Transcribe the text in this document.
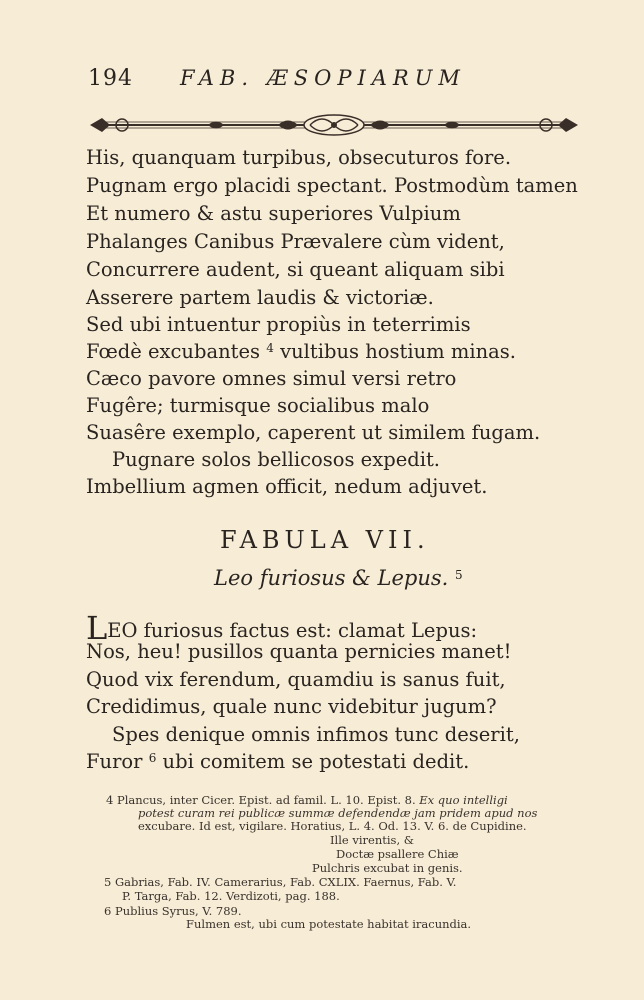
194 FAB. ÆSOPIARUM
His, quanquam turpibus, obsecuturos fore.
Pugnam ergo placidi spectant. Postmodùm tamen
Et numero & astu superiores Vulpium
Phalanges Canibus Prævalere cùm vident,
Concurrere audent, si queant aliquam sibi
Asserere partem laudis & victoriæ.
Sed ubi intuentur propiùs in teterrimis
Fœdè excubantes $^4$ vultibus hostium minas.
Cæco pavore omnes simul versi retro
Fugêre; turmisque socialibus malo
Suasêre exemplo, caperent ut similem fugam.
Pugnare solos bellicosos expedit.
Imbellium agmen officit, nedum adjuvet.
FABULA VII.
Leo furiosus & Lepus. $^5$
LEO furiosus factus est: clamat Lepus:
Nos, heu! pusillos quanta pernicies manet!
Quod vix ferendum, quamdiu is sanus fuit,
Credidimus, quale nunc videbitur jugum?
Spes denique omnis infimos tunc deserit,
Furor $^6$ ubi comitem se potestati dedit.
4 Plancus, inter Cicer. Epist. ad famil. L. 10. Epist. 8. Ex quo intelligi
potest curam rei publicæ summæ defendendæ jam pridem apud nos
excubare. Id est, vigilare. Horatius, L. 4. Od. 13. V. 6. de Cupidine.
Ille virentis, &
Doctæ psallere Chiæ
Pulchris excubat in genis.
5 Gabrias, Fab. IV. Camerarius, Fab. CXLIX. Faernus, Fab. V.
P. Targa, Fab. 12. Verdizoti, pag. 188.
6 Publius Syrus, V. 789.
Fulmen est, ubi cum potestate habitat iracundia.
